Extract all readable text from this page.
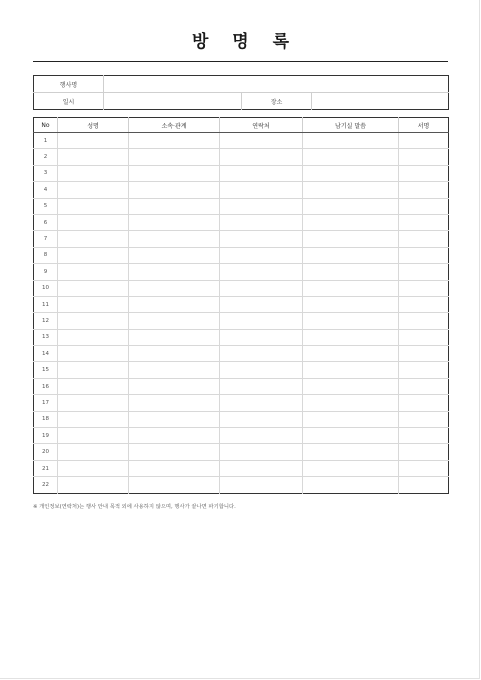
방 명 록
행사명			
일시		장소	
No	성명	소속·관계	연락처	남기실 말씀	서명
1					
2					
3					
4					
5					
6					
7					
8					
9					
10					
11					
12					
13					
14					
15					
16					
17					
18					
19					
20					
21					
22					
※ 개인정보(연락처)는 행사 안내 목적 외에 사용하지 않으며, 행사가 끝나면 파기합니다.
